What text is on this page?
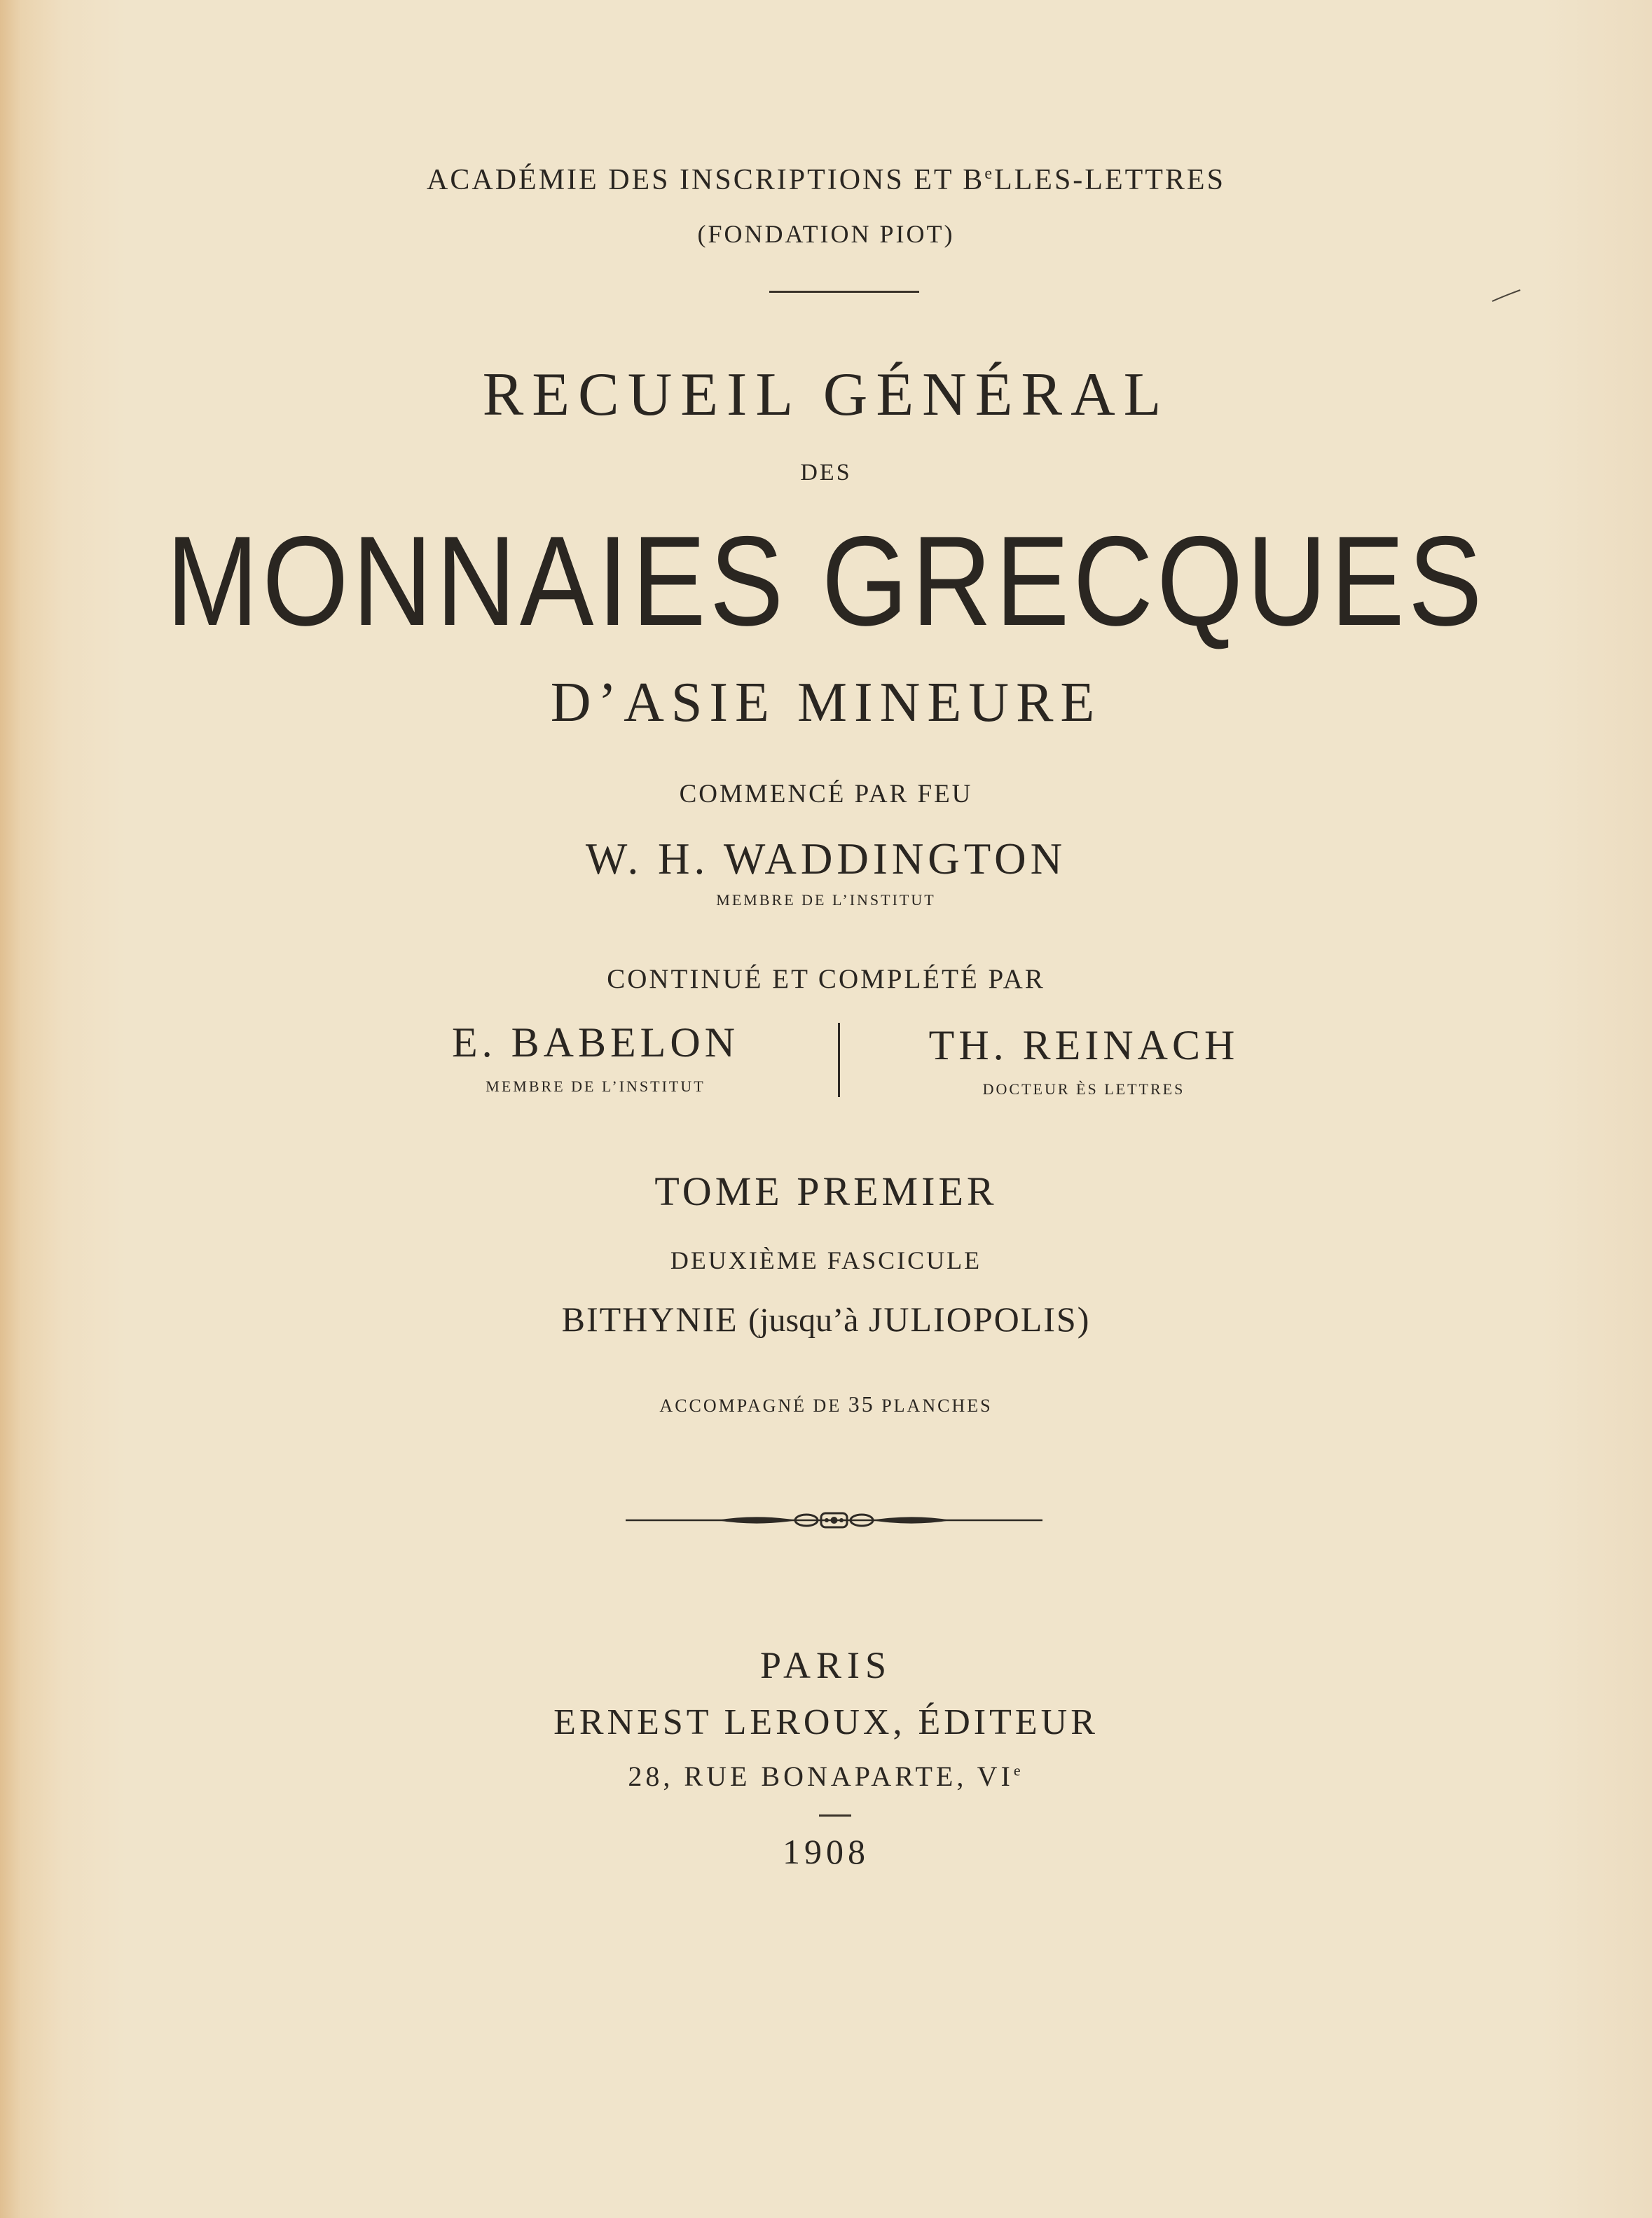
ACADÉMIE DES INSCRIPTIONS ET $B^eLLES$-LETTRES
(FONDATION PIOT)
RECUEIL GÉNÉRAL
DES
MONNAIES GRECQUES
D’ASIE MINEURE
COMMENCÉ PAR FEU
W. H. WADDINGTON
MEMBRE DE L’INSTITUT
CONTINUÉ ET COMPLÉTÉ PAR
E. BABELON
MEMBRE DE L’INSTITUT
TH. REINACH
DOCTEUR ÈS LETTRES
TOME PREMIER
DEUXIÈME FASCICULE
BITHYNIE (jusqu’à JULIOPOLIS)
ACCOMPAGNÉ DE 35 PLANCHES
PARIS
ERNEST LEROUX, ÉDITEUR
28, RUE BONAPARTE, VIe
1908
